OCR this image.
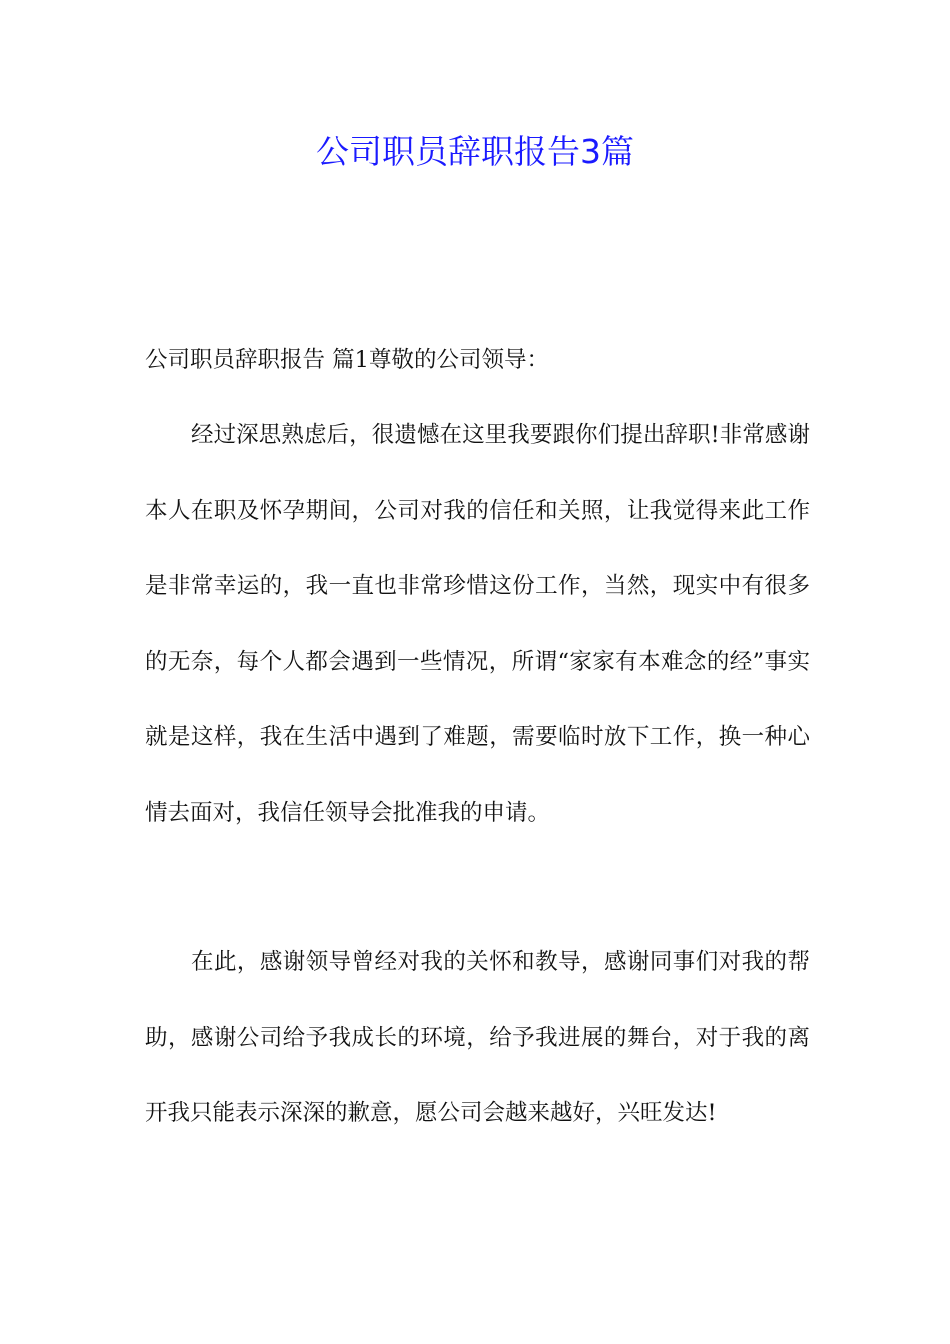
公司职员辞职报告3篇

公司职员辞职报告 篇1尊敬的公司领导：

经过深思熟虑后，很遗憾在这里我要跟你们提出辞职!非常感谢本人在职及怀孕期间，公司对我的信任和关照，让我觉得来此工作是非常幸运的，我一直也非常珍惜这份工作，当然，现实中有很多的无奈，每个人都会遇到一些情况，所谓“家家有本难念的经”事实就是这样，我在生活中遇到了难题，需要临时放下工作，换一种心情去面对，我信任领导会批准我的申请。

在此，感谢领导曾经对我的关怀和教导，感谢同事们对我的帮助，感谢公司给予我成长的环境，给予我进展的舞台，对于我的离开我只能表示深深的歉意，愿公司会越来越好，兴旺发达!
